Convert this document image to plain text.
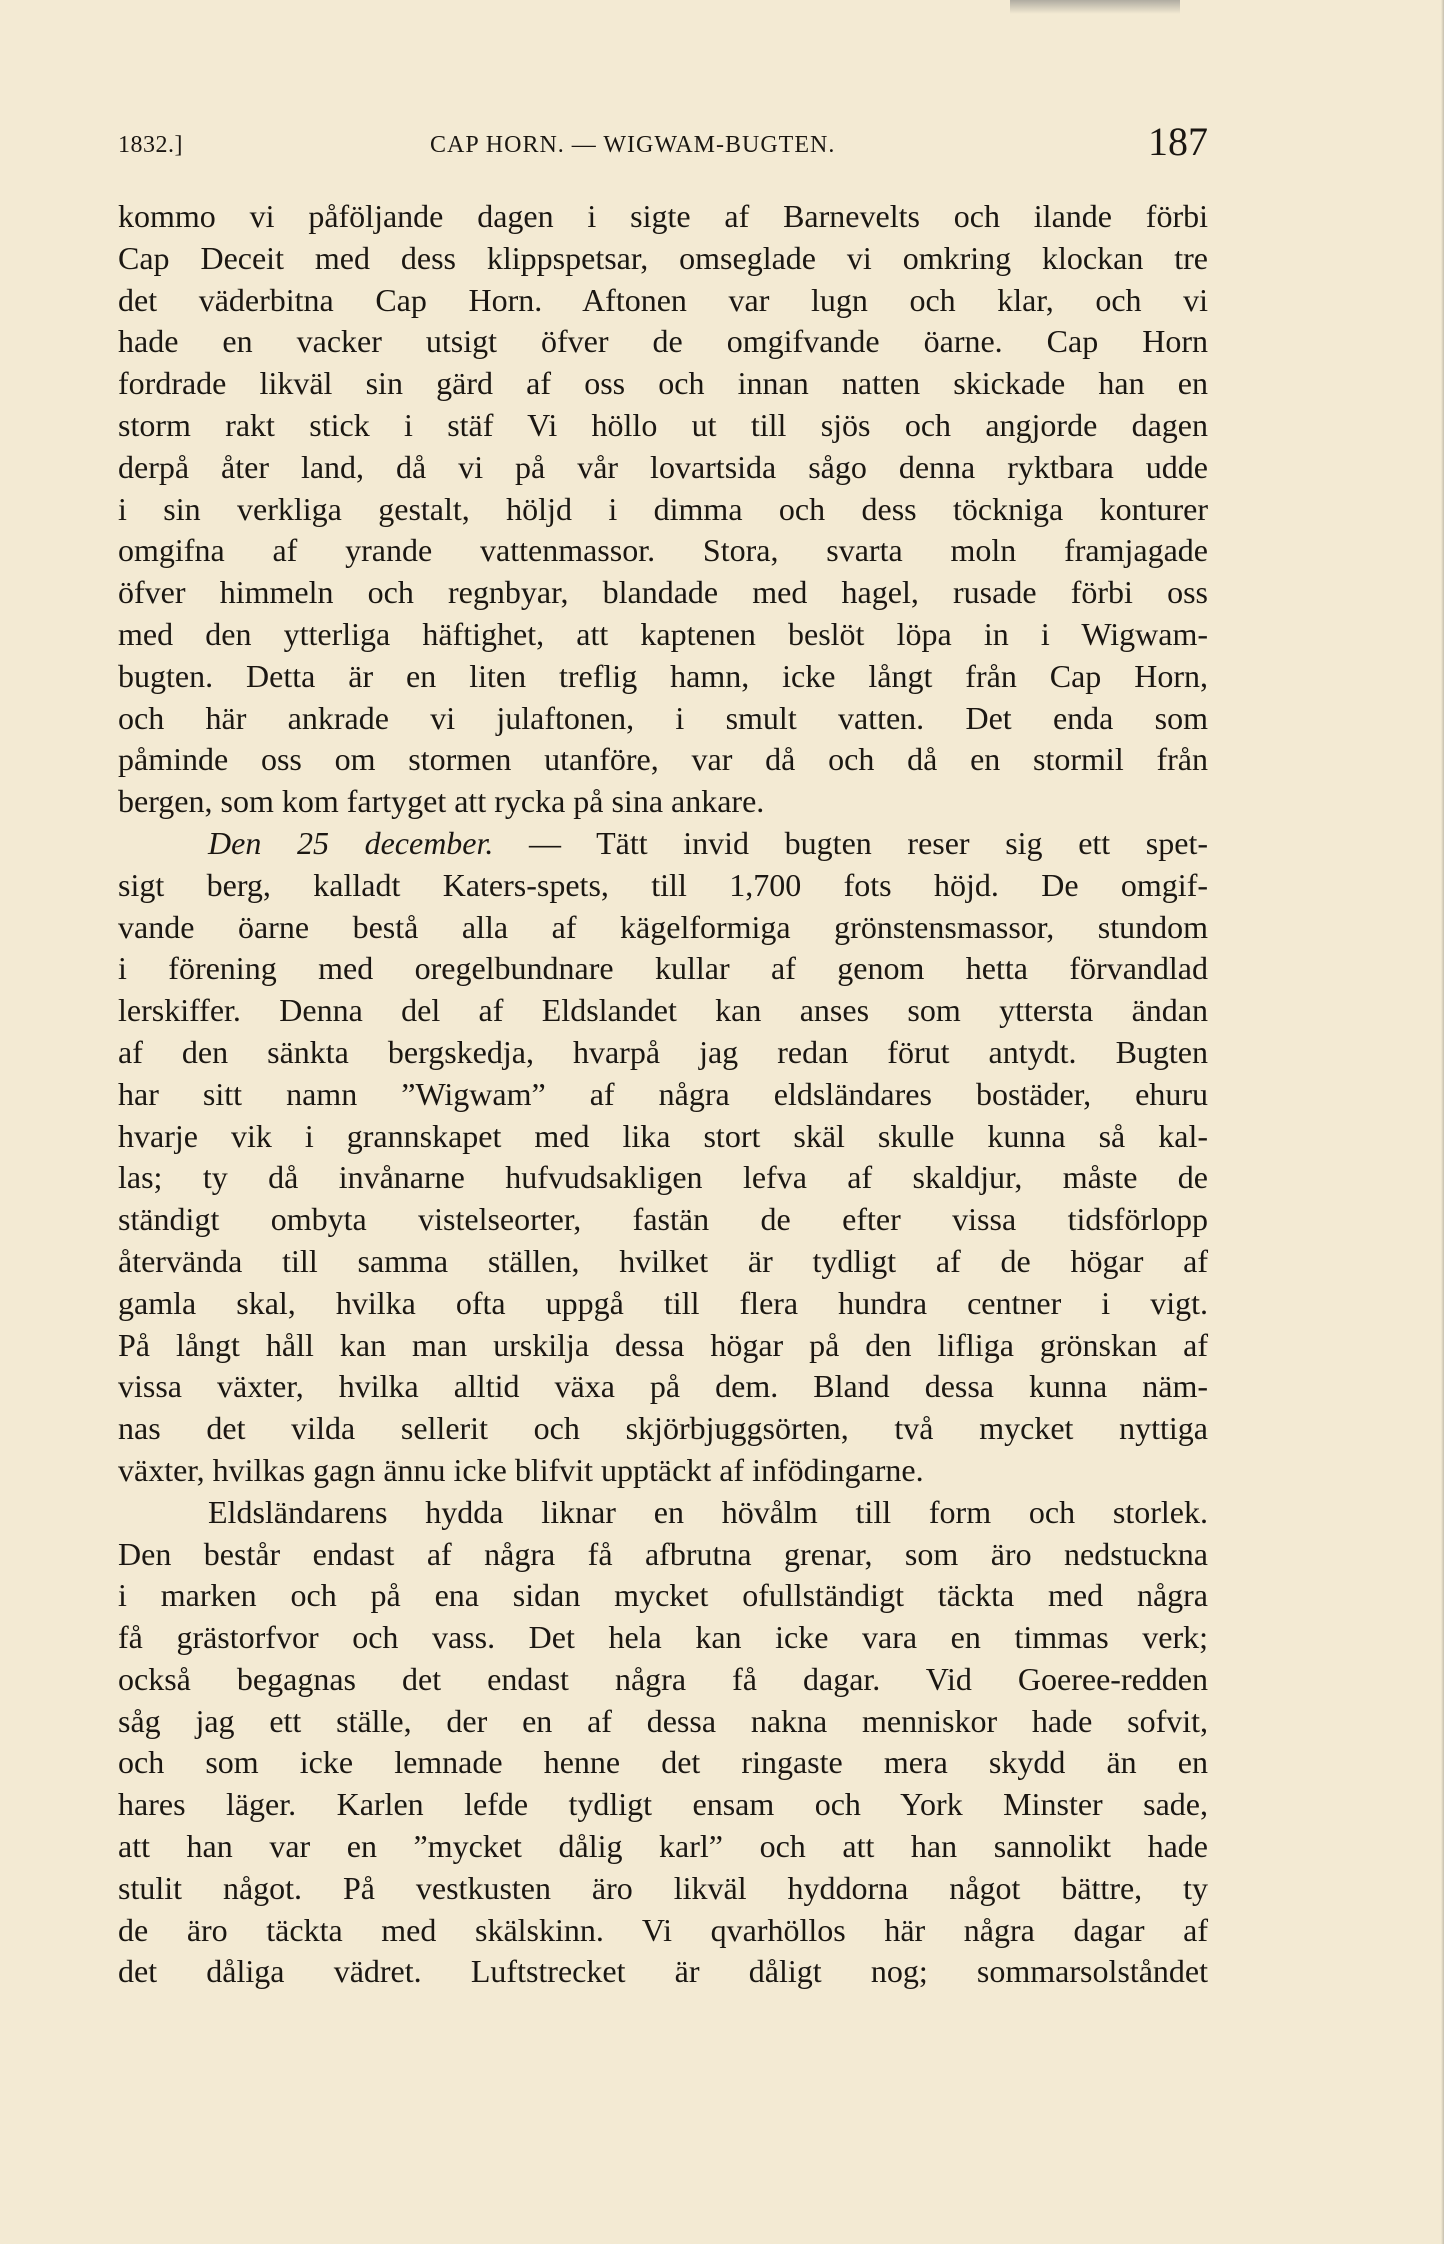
1832.]	CAP HORN. — WIGWAM-BUGTEN.	187
kommo vi påföljande dagen i sigte af Barnevelts och ilande förbi
Cap Deceit med dess klippspetsar, omseglade vi omkring klockan tre
det väderbitna Cap Horn. Aftonen var lugn och klar, och vi
hade en vacker utsigt öfver de omgifvande öarne. Cap Horn
fordrade likväl sin gärd af oss och innan natten skickade han en
storm rakt stick i stäf Vi höllo ut till sjös och angjorde dagen
derpå åter land, då vi på vår lovartsida sågo denna ryktbara udde
i sin verkliga gestalt, höljd i dimma och dess töckniga konturer
omgifna af yrande vattenmassor. Stora, svarta moln framjagade
öfver himmeln och regnbyar, blandade med hagel, rusade förbi oss
med den ytterliga häftighet, att kaptenen beslöt löpa in i Wigwam-
bugten. Detta är en liten treflig hamn, icke långt från Cap Horn,
och här ankrade vi julaftonen, i smult vatten. Det enda som
påminde oss om stormen utanföre, var då och då en stormil från
bergen, som kom fartyget att rycka på sina ankare.
Den 25 december. — Tätt invid bugten reser sig ett spet-
sigt berg, kalladt Katers-spets, till 1,700 fots höjd. De omgif-
vande öarne bestå alla af kägelformiga grönstensmassor, stundom
i förening med oregelbundnare kullar af genom hetta förvandlad
lerskiffer. Denna del af Eldslandet kan anses som yttersta ändan
af den sänkta bergskedja, hvarpå jag redan förut antydt. Bugten
har sitt namn ”Wigwam” af några eldsländares bostäder, ehuru
hvarje vik i grannskapet med lika stort skäl skulle kunna så kal-
las; ty då invånarne hufvudsakligen lefva af skaldjur, måste de
ständigt ombyta vistelseorter, fastän de efter vissa tidsförlopp
återvända till samma ställen, hvilket är tydligt af de högar af
gamla skal, hvilka ofta uppgå till flera hundra centner i vigt.
På långt håll kan man urskilja dessa högar på den lifliga grönskan af
vissa växter, hvilka alltid växa på dem. Bland dessa kunna näm-
nas det vilda sellerit och skjörbjuggsörten, två mycket nyttiga
växter, hvilkas gagn ännu icke blifvit upptäckt af infödingarne.
Eldsländarens hydda liknar en hövålm till form och storlek.
Den består endast af några få afbrutna grenar, som äro nedstuckna
i marken och på ena sidan mycket ofullständigt täckta med några
få grästorfvor och vass. Det hela kan icke vara en timmas verk;
också begagnas det endast några få dagar. Vid Goeree-redden
såg jag ett ställe, der en af dessa nakna menniskor hade sofvit,
och som icke lemnade henne det ringaste mera skydd än en
hares läger. Karlen lefde tydligt ensam och York Minster sade,
att han var en ”mycket dålig karl” och att han sannolikt hade
stulit något. På vestkusten äro likväl hyddorna något bättre, ty
de äro täckta med skälskinn. Vi qvarhöllos här några dagar af
det dåliga vädret. Luftstrecket är dåligt nog; sommarsolståndet
